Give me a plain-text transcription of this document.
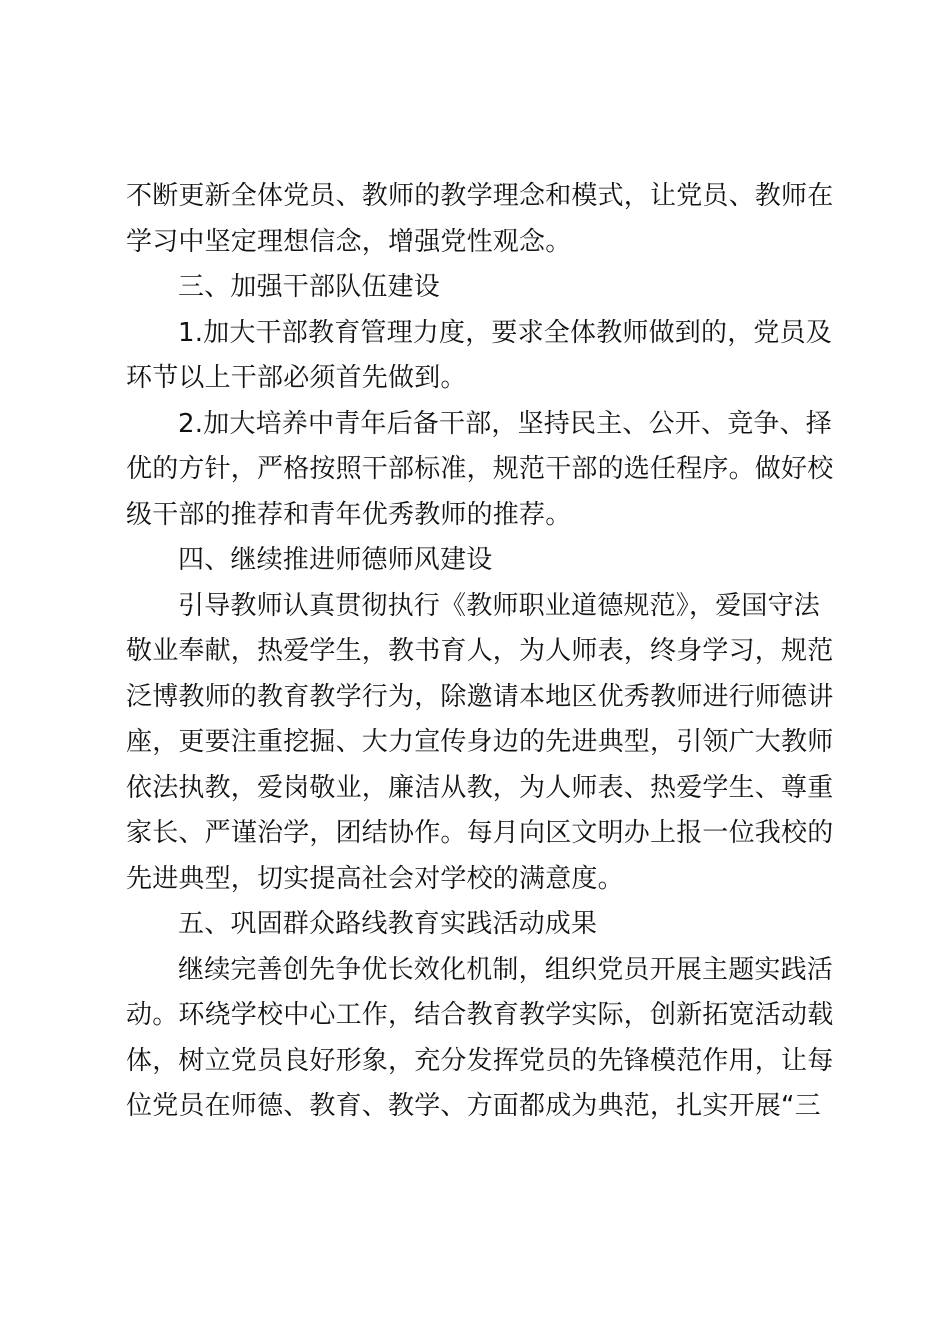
不断更新全体党员、教师的教学理念和模式，让党员、教师在
学习中坚定理想信念，增强党性观念。
三、加强干部队伍建设
1.加大干部教育管理力度，要求全体教师做到的，党员及
环节以上干部必须首先做到。
2.加大培养中青年后备干部，坚持民主、公开、竞争、择
优的方针，严格按照干部标准，规范干部的选任程序。做好校
级干部的推荐和青年优秀教师的推荐。
四、继续推进师德师风建设
引导教师认真贯彻执行《教师职业道德规范》，爱国守法
敬业奉献，热爱学生，教书育人，为人师表，终身学习，规范
泛博教师的教育教学行为，除邀请本地区优秀教师进行师德讲
座，更要注重挖掘、大力宣传身边的先进典型，引领广大教师
依法执教，爱岗敬业，廉洁从教，为人师表、热爱学生、尊重
家长、严谨治学，团结协作。每月向区文明办上报一位我校的
先进典型，切实提高社会对学校的满意度。
五、巩固群众路线教育实践活动成果
继续完善创先争优长效化机制，组织党员开展主题实践活
动。环绕学校中心工作，结合教育教学实际，创新拓宽活动载
体，树立党员良好形象，充分发挥党员的先锋模范作用，让每
位党员在师德、教育、教学、方面都成为典范，扎实开展“三
